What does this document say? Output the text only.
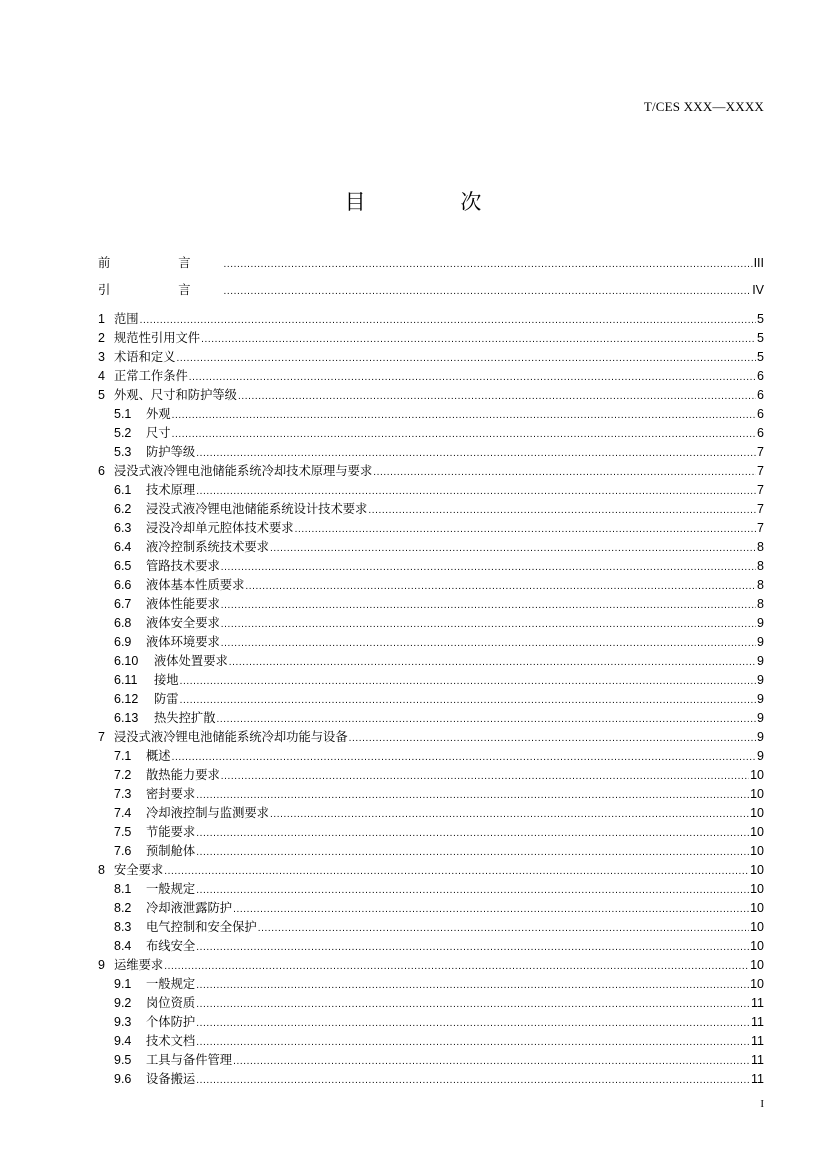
T/CES XXX—XXXX
目 次
前 言 .....	III
引 言 .....	IV
1 范围 .....	5
2 规范性引用文件 .....	5
3 术语和定义 .....	5
4 正常工作条件 .....	6
5 外观、尺寸和防护等级 .....	6
5.1	外观 .....	6
5.2	尺寸 .....	6
5.3	防护等级 .....	7
6 浸没式液冷锂电池储能系统冷却技术原理与要求 .....	7
6.1	技术原理 .....	7
6.2	浸没式液冷锂电池储能系统设计技术要求 .....	7
6.3	浸没冷却单元腔体技术要求 .....	7
6.4	液冷控制系统技术要求 .....	8
6.5	管路技术要求 .....	8
6.6	液体基本性质要求 .....	8
6.7	液体性能要求 .....	8
6.8	液体安全要求 .....	9
6.9	液体环境要求 .....	9
6.10	液体处置要求 .....	9
6.11	接地 .....	9
6.12	防雷 .....	9
6.13	热失控扩散 .....	9
7 浸没式液冷锂电池储能系统冷却功能与设备 .....	9
7.1	概述 .....	9
7.2	散热能力要求 .....	10
7.3	密封要求 .....	10
7.4	冷却液控制与监测要求 .....	10
7.5	节能要求 .....	10
7.6	预制舱体 .....	10
8 安全要求 .....	10
8.1	一般规定 .....	10
8.2	冷却液泄露防护 .....	10
8.3	电气控制和安全保护 .....	10
8.4	布线安全 .....	10
9 运维要求 .....	10
9.1	一般规定 .....	10
9.2	岗位资质 .....	11
9.3	个体防护 .....	11
9.4	技术文档 .....	11
9.5	工具与备件管理 .....	11
9.6	设备搬运 .....	11
I
